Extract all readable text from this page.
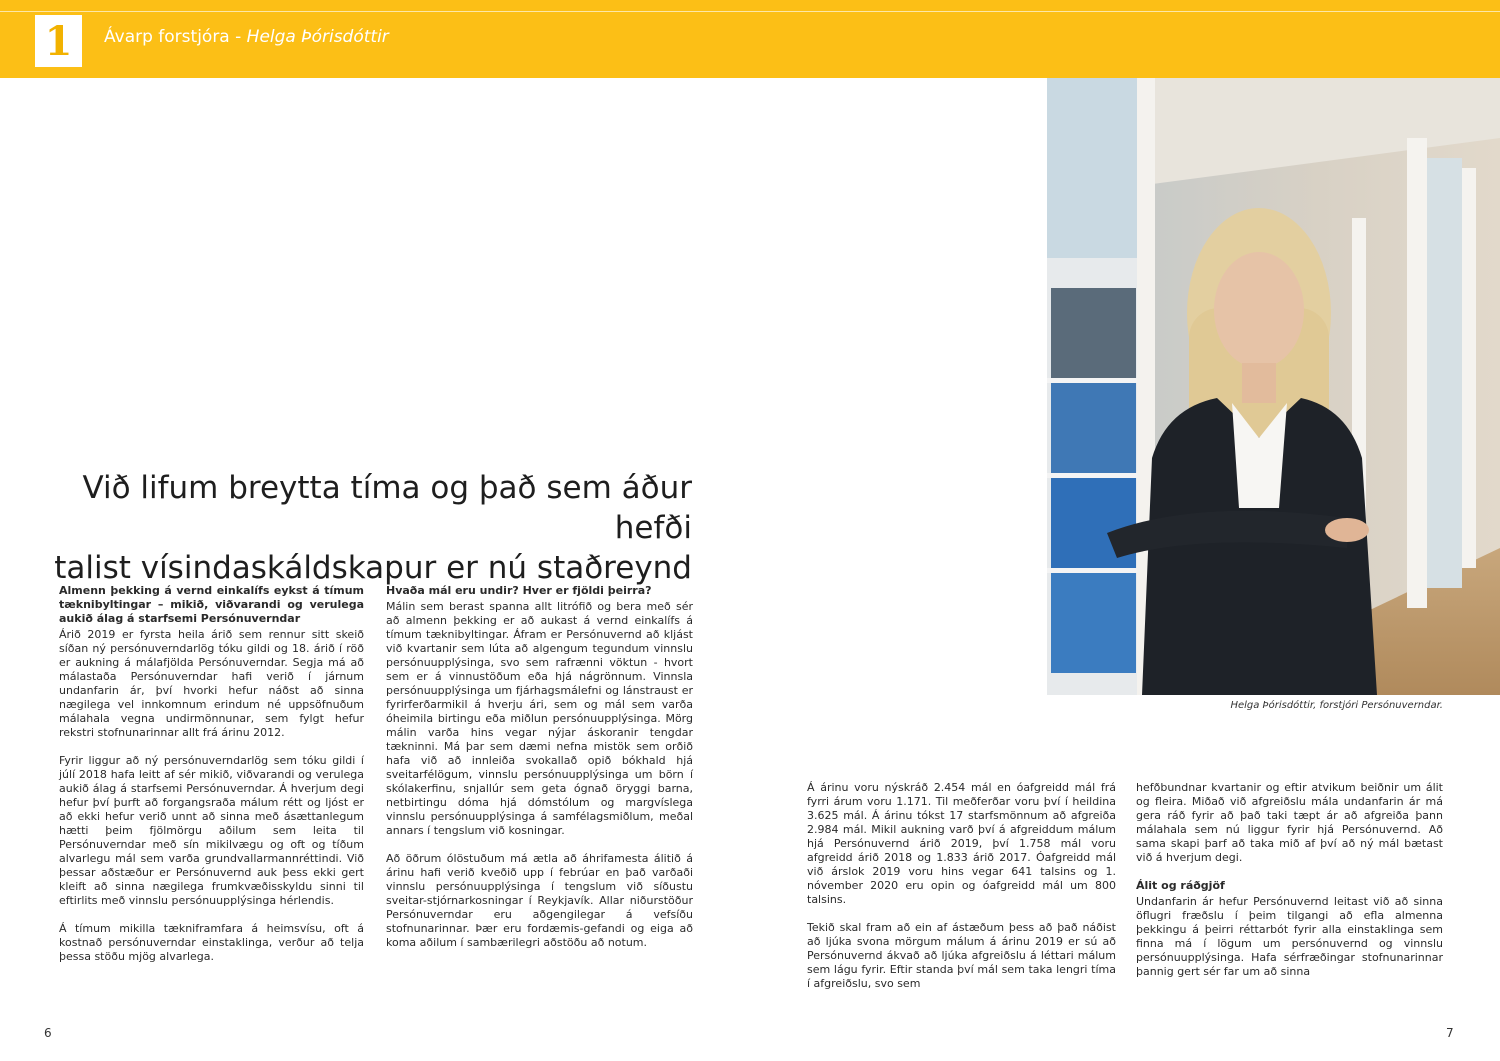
1	Ávarp forstjóra - Helga Þórisdóttir
Helga Þórisdóttir, forstjóri Persónuverndar.
Við lifum breytta tíma og það sem áður hefði
talist vísindaskáldskapur er nú staðreynd
Almenn þekking á vernd einkalífs eykst á tímum tæknibyltingar – mikið, viðvarandi og verulega aukið álag á starfsemi Persónuverndar

Árið 2019 er fyrsta heila árið sem rennur sitt skeið síðan ný persónuverndarlög tóku gildi og 18. árið í röð er aukning á málafjölda Persónuverndar. Segja má að málastaða Persónuverndar hafi verið í járnum undanfarin ár, því hvorki hefur náðst að sinna nægilega vel innkomnum erindum né uppsöfnuðum málahala vegna undirmönnunar, sem fylgt hefur rekstri stofnunarinnar allt frá árinu 2012.

Fyrir liggur að ný persónuverndarlög sem tóku gildi í júlí 2018 hafa leitt af sér mikið, viðvarandi og verulega aukið álag á starfsemi Persónuverndar. Á hverjum degi hefur því þurft að forgangsraða málum rétt og ljóst er að ekki hefur verið unnt að sinna með ásættanlegum hætti þeim fjölmörgu aðilum sem leita til Persónuverndar með sín mikilvægu og oft og tíðum alvarlegu mál sem varða grundvallarmannréttindi. Við þessar aðstæður er Persónuvernd auk þess ekki gert kleift að sinna nægilega frumkvæðisskyldu sinni til eftirlits með vinnslu persónuupplýsinga hérlendis.

Á tímum mikilla tækniframfara á heimsvísu, oft á kostnað persónuverndar einstaklinga, verður að telja þessa stöðu mjög alvarlega.

Hvaða mál eru undir? Hver er fjöldi þeirra?

Málin sem berast spanna allt litrófið og bera með sér að almenn þekking er að aukast á vernd einkalífs á tímum tæknibyltingar. Áfram er Persónuvernd að kljást við kvartanir sem lúta að algengum tegundum vinnslu persónuupplýsinga, svo sem rafrænni vöktun - hvort sem er á vinnustöðum eða hjá nágrönnum. Vinnsla persónuupplýsinga um fjárhagsmálefni og lánstraust er fyrirferðarmikil á hverju ári, sem og mál sem varða óheimila birtingu eða miðlun persónuupplýsinga. Mörg málin varða hins vegar nýjar áskoranir tengdar tækninni. Má þar sem dæmi nefna mistök sem orðið hafa við að innleiða svokallað opið bókhald hjá sveitarfélögum, vinnslu persónuupplýsinga um börn í skólakerfinu, snjallúr sem geta ógnað öryggi barna, netbirtingu dóma hjá dómstólum og margvíslega vinnslu persónuupplýsinga á samfélagsmiðlum, meðal annars í tengslum við kosningar.

Að öðrum ólöstuðum má ætla að áhrifamesta álitið á árinu hafi verið kveðið upp í febrúar en það varðaði vinnslu persónuupplýsinga í tengslum við síðustu sveitar-stjórnarkosningar í Reykjavík. Allar niðurstöður Persónuverndar eru aðgengilegar á vefsíðu stofnunarinnar. Þær eru fordæmis-gefandi og eiga að koma aðilum í sambærilegri aðstöðu að notum.

Á árinu voru nýskráð 2.454 mál en óafgreidd mál frá fyrri árum voru 1.171. Til meðferðar voru því í heildina 3.625 mál. Á árinu tókst 17 starfsmönnum að afgreiða 2.984 mál. Mikil aukning varð því á afgreiddum málum hjá Persónuvernd árið 2019, því 1.758 mál voru afgreidd árið 2018 og 1.833 árið 2017. Óafgreidd mál við árslok 2019 voru hins vegar 641 talsins og 1. nóvember 2020 eru opin og óafgreidd mál um 800 talsins.

Tekið skal fram að ein af ástæðum þess að það náðist að ljúka svona mörgum málum á árinu 2019 er sú að Persónuvernd ákvað að ljúka afgreiðslu á léttari málum sem lágu fyrir. Eftir standa því mál sem taka lengri tíma í afgreiðslu, svo sem

hefðbundnar kvartanir og eftir atvikum beiðnir um álit og fleira. Miðað við afgreiðslu mála undanfarin ár má gera ráð fyrir að það taki tæpt ár að afgreiða þann málahala sem nú liggur fyrir hjá Persónuvernd. Að sama skapi þarf að taka mið af því að ný mál bætast við á hverjum degi.

Álit og ráðgjöf

Undanfarin ár hefur Persónuvernd leitast við að sinna öflugri fræðslu í þeim tilgangi að efla almenna þekkingu á þeirri réttarbót fyrir alla einstaklinga sem finna má í lögum um persónuvernd og vinnslu persónuupplýsinga. Hafa sérfræðingar stofnunarinnar þannig gert sér far um að sinna

6	7
